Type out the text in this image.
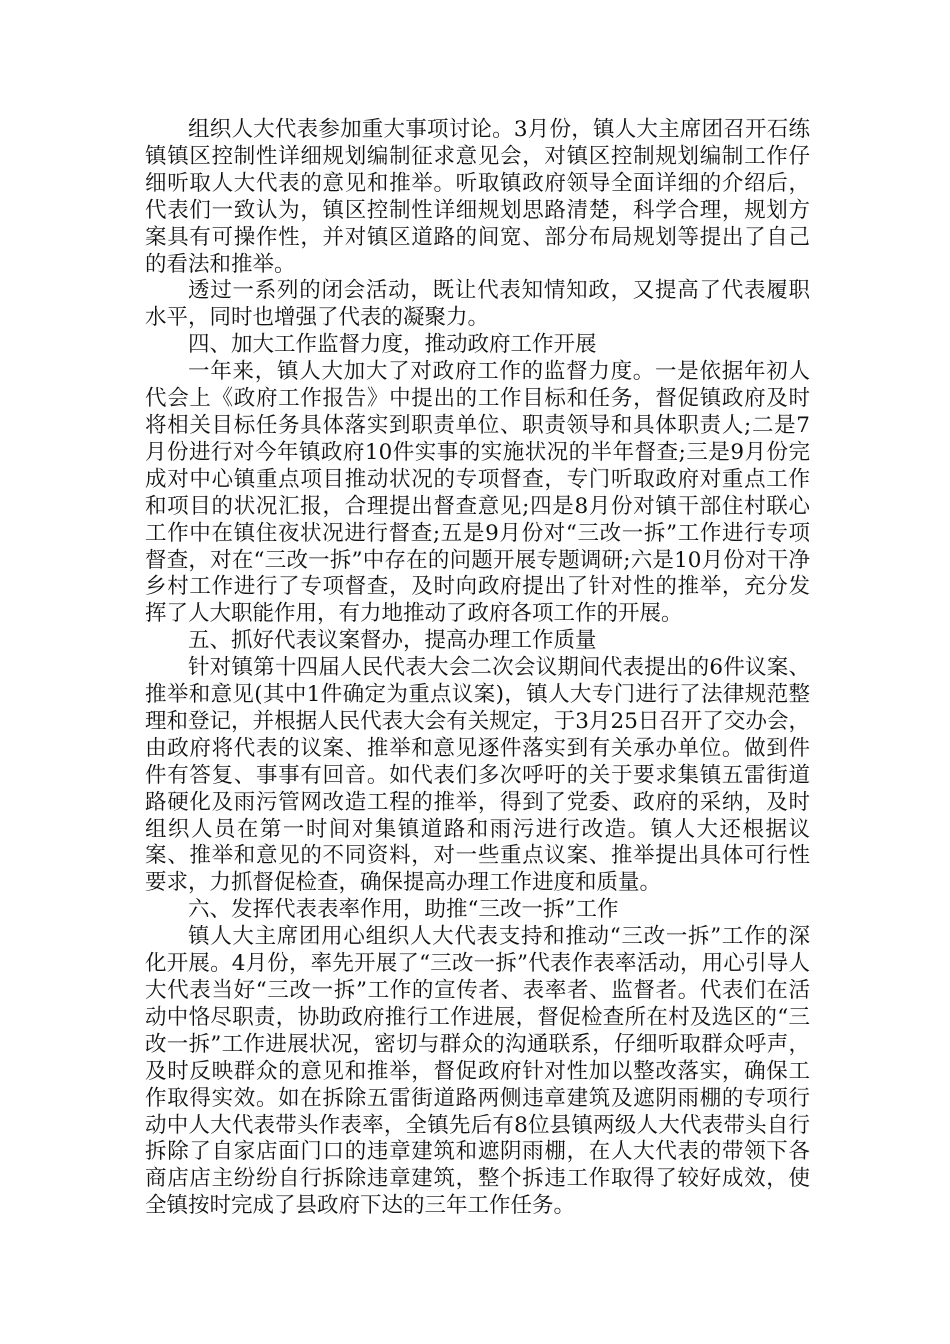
组织人大代表参加重大事项讨论。3月份，镇人大主席团召开石练镇镇区控制性详细规划编制征求意见会，对镇区控制规划编制工作仔细听取人大代表的意见和推举。听取镇政府领导全面详细的介绍后，代表们一致认为，镇区控制性详细规划思路清楚，科学合理，规划方案具有可操作性，并对镇区道路的间宽、部分布局规划等提出了自己的看法和推举。

透过一系列的闭会活动，既让代表知情知政，又提高了代表履职水平，同时也增强了代表的凝聚力。

四、加大工作监督力度，推动政府工作开展

一年来，镇人大加大了对政府工作的监督力度。一是依据年初人代会上《政府工作报告》中提出的工作目标和任务，督促镇政府及时将相关目标任务具体落实到职责单位、职责领导和具体职责人;二是7月份进行对今年镇政府10件实事的实施状况的半年督查;三是9月份完成对中心镇重点项目推动状况的专项督查，专门听取政府对重点工作和项目的状况汇报，合理提出督查意见;四是8月份对镇干部住村联心工作中在镇住夜状况进行督查;五是9月份对“三改一拆”工作进行专项督查，对在“三改一拆”中存在的问题开展专题调研;六是10月份对干净乡村工作进行了专项督查，及时向政府提出了针对性的推举，充分发挥了人大职能作用，有力地推动了政府各项工作的开展。

五、抓好代表议案督办，提高办理工作质量

针对镇第十四届人民代表大会二次会议期间代表提出的6件议案、推举和意见(其中1件确定为重点议案)，镇人大专门进行了法律规范整理和登记，并根据人民代表大会有关规定，于3月25日召开了交办会，由政府将代表的议案、推举和意见逐件落实到有关承办单位。做到件件有答复、事事有回音。如代表们多次呼吁的关于要求集镇五雷街道路硬化及雨污管网改造工程的推举，得到了党委、政府的采纳，及时组织人员在第一时间对集镇道路和雨污进行改造。镇人大还根据议案、推举和意见的不同资料，对一些重点议案、推举提出具体可行性要求，力抓督促检查，确保提高办理工作进度和质量。

六、发挥代表表率作用，助推“三改一拆”工作

镇人大主席团用心组织人大代表支持和推动“三改一拆”工作的深化开展。4月份，率先开展了“三改一拆”代表作表率活动，用心引导人大代表当好“三改一拆”工作的宣传者、表率者、监督者。代表们在活动中恪尽职责，协助政府推行工作进展，督促检查所在村及选区的“三改一拆”工作进展状况，密切与群众的沟通联系，仔细听取群众呼声，及时反映群众的意见和推举，督促政府针对性加以整改落实，确保工作取得实效。如在拆除五雷街道路两侧违章建筑及遮阴雨棚的专项行动中人大代表带头作表率，全镇先后有8位县镇两级人大代表带头自行拆除了自家店面门口的违章建筑和遮阴雨棚，在人大代表的带领下各商店店主纷纷自行拆除违章建筑，整个拆违工作取得了较好成效，使全镇按时完成了县政府下达的三年工作任务。
